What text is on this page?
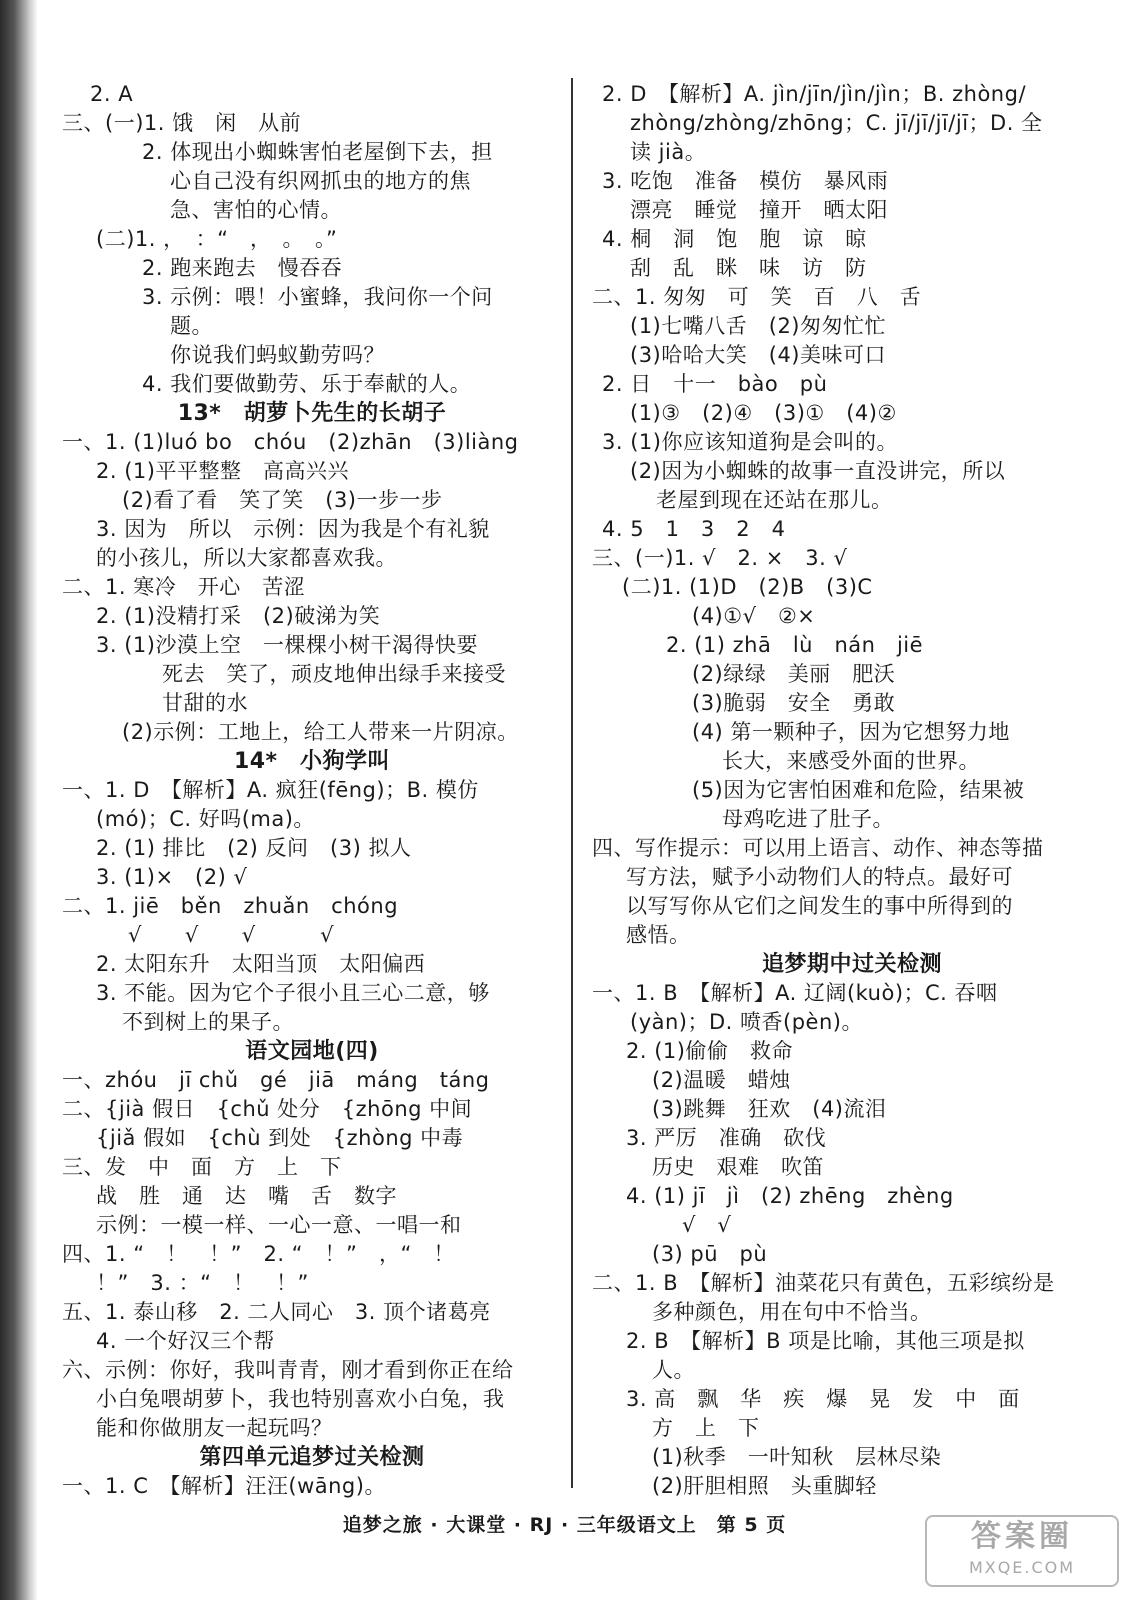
2. A
三、(一)1. 饿　闲　从前
2. 体现出小蜘蛛害怕老屋倒下去，担
心自己没有织网抓虫的地方的焦
急、害怕的心情。
(二)1. ，　：“　，　。　。”
2. 跑来跑去　慢吞吞
3. 示例：喂！小蜜蜂，我问你一个问
题。
你说我们蚂蚁勤劳吗？
4. 我们要做勤劳、乐于奉献的人。
13*　胡萝卜先生的长胡子
一、1. (1)luó bo　chóu　(2)zhān　(3)liàng
2. (1)平平整整　高高兴兴
(2)看了看　笑了笑　(3)一步一步
3. 因为　所以　示例：因为我是个有礼貌
的小孩儿，所以大家都喜欢我。
二、1. 寒冷　开心　苦涩
2. (1)没精打采　(2)破涕为笑
3. (1)沙漠上空　一棵棵小树干渴得快要
死去　笑了，顽皮地伸出绿手来接受
甘甜的水
(2)示例：工地上，给工人带来一片阴凉。
14*　小狗学叫
一、1. D　【解析】A. 疯狂(fēng)；B. 模仿
(mó)；C. 好吗(ma)。
2. (1) 排比　(2) 反问　(3) 拟人
3. (1)×　(2) √
二、1. jiē　běn　zhuǎn　chóng
√　　√　　√　　　√
2. 太阳东升　太阳当顶　太阳偏西
3. 不能。因为它个子很小且三心二意，够
不到树上的果子。
语文园地(四)
一、zhóu　jī chǔ　gé　jiā　máng　táng
二、{jià 假日　{chǔ 处分　{zhōng 中间
{jiǎ 假如　{chù 到处　{zhòng 中毒
三、发　中　面　方　上　下
战　胜　通　达　嘴　舌　数字
示例：一模一样、一心一意、一唱一和
四、1. “　！　！”　2. “　！”　，“　！
！”　3. ：“　！　！”
五、1. 泰山移　2. 二人同心　3. 顶个诸葛亮
4. 一个好汉三个帮
六、示例：你好，我叫青青，刚才看到你正在给
小白兔喂胡萝卜，我也特别喜欢小白兔，我
能和你做朋友一起玩吗？
第四单元追梦过关检测
一、1. C　【解析】汪汪(wāng)。
2. D　【解析】A. jìn/jīn/jìn/jìn；B. zhòng/
zhòng/zhòng/zhōng；C. jī/jī/jī/jī；D. 全
读 jià。
3. 吃饱　准备　模仿　暴风雨
漂亮　睡觉　撞开　晒太阳
4. 桐　洞　饱　胞　谅　晾
刮　乱　眯　味　访　防
二、1. 匆匆　可　笑　百　八　舌
(1)七嘴八舌　(2)匆匆忙忙
(3)哈哈大笑　(4)美味可口
2. 日　十一　bào　pù
(1)③　(2)④　(3)①　(4)②
3. (1)你应该知道狗是会叫的。
(2)因为小蜘蛛的故事一直没讲完，所以
老屋到现在还站在那儿。
4. 5　1　3　2　4
三、(一)1. √　2. ×　3. √
(二)1. (1)D　(2)B　(3)C
(4)①√　②×
2. (1) zhā　lù　nán　jiē
(2)绿绿　美丽　肥沃
(3)脆弱　安全　勇敢
(4) 第一颗种子，因为它想努力地
长大，来感受外面的世界。
(5)因为它害怕困难和危险，结果被
母鸡吃进了肚子。
四、写作提示：可以用上语言、动作、神态等描
写方法，赋予小动物们人的特点。最好可
以写写你从它们之间发生的事中所得到的
感悟。
追梦期中过关检测
一、1. B　【解析】A. 辽阔(kuò)；C. 吞咽
(yàn)；D. 喷香(pèn)。
2. (1)偷偷　救命
(2)温暖　蜡烛
(3)跳舞　狂欢　(4)流泪
3. 严厉　准确　砍伐
历史　艰难　吹笛
4. (1) jī　jì　(2) zhēng　zhèng
√　√
(3) pū　pù
二、1. B　【解析】油菜花只有黄色，五彩缤纷是
多种颜色，用在句中不恰当。
2. B　【解析】B 项是比喻，其他三项是拟
人。
3. 高　飘　华　疾　爆　晃　发　中　面
方　上　下
(1)秋季　一叶知秋　层林尽染
(2)肝胆相照　头重脚轻
追梦之旅 · 大课堂 · RJ · 三年级语文上　第 5 页	答案圈
MXQE.COM
